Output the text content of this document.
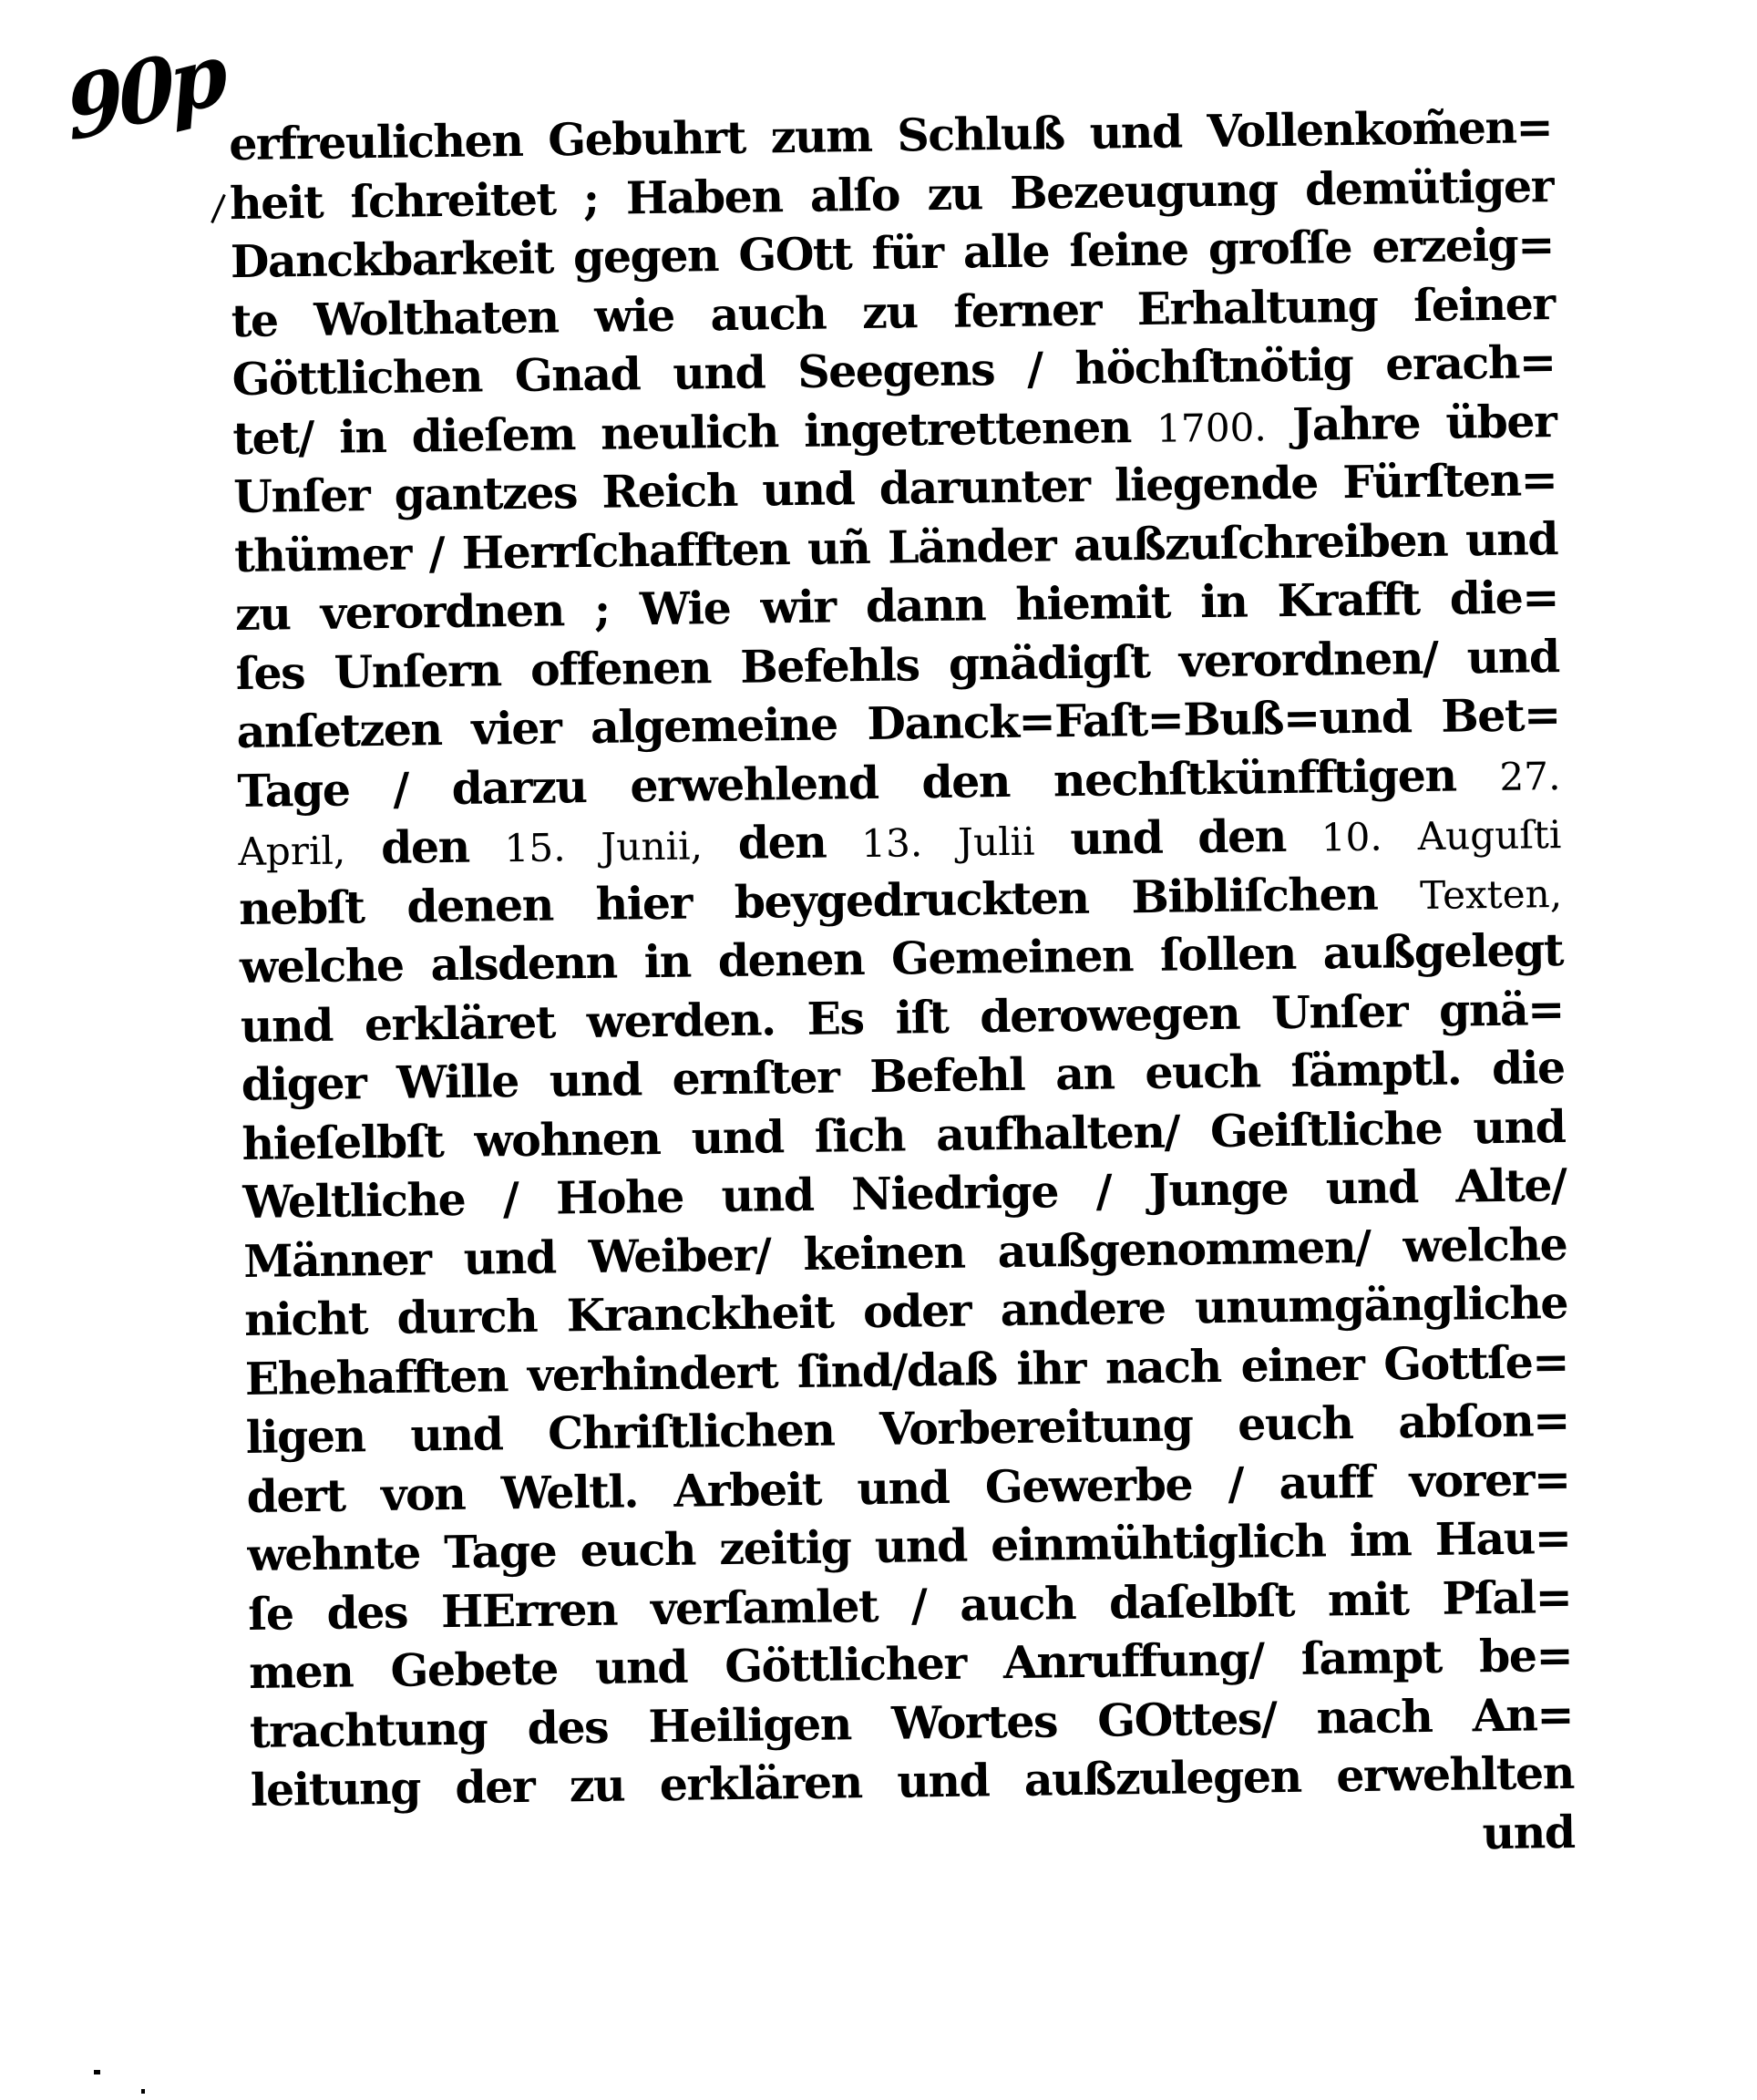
90p erfreulichen Gebuhrt zum Schluß und Vollenkom̃en=
heit ſchreitet ; Haben alſo zu Bezeugung demütiger
Danckbarkeit gegen GOtt für alle ſeine groſſe erzeig=
te Wolthaten wie auch zu ferner Erhaltung ſeiner
Göttlichen Gnad und Seegens / höchſtnötig erach=
tet/ in dieſem neulich ingetrettenen 1700. Jahre über
Unſer gantzes Reich und darunter liegende Fürſten=
thümer / Herrſchafften uñ Länder außzuſchreiben und
zu verordnen ; Wie wir dann hiemit in Krafft die=
ſes Unſern offenen Befehls gnädigſt verordnen/ und
anſetzen vier algemeine Danck=Faſt=Buß=und Bet=
Tage / darzu erwehlend den nechſtkünfftigen 27.
April, den 15. Junii, den 13. Julii und den 10. Auguſti
nebſt denen hier beygedruckten Bibliſchen Texten,
welche alsdenn in denen Gemeinen ſollen außgelegt
und erkläret werden. Es iſt derowegen Unſer gnä=
diger Wille und ernſter Befehl an euch ſämptl. die
hieſelbſt wohnen und ſich aufhalten/ Geiſtliche und
Weltliche / Hohe und Niedrige / Junge und Alte/
Männer und Weiber/ keinen außgenommen/ welche
nicht durch Kranckheit oder andere unumgängliche
Ehehafften verhindert ſind/daß ihr nach einer Gottſe=
ligen und Chriſtlichen Vorbereitung euch abſon=
dert von Weltl. Arbeit und Gewerbe / auff vorer=
wehnte Tage euch zeitig und einmühtiglich im Hau=
ſe des HErren verſamlet / auch daſelbſt mit Pſal=
men Gebete und Göttlicher Anruffung/ ſampt be=
trachtung des Heiligen Wortes GOttes/ nach An=
leitung der zu erklären und außzulegen erwehlten
und
